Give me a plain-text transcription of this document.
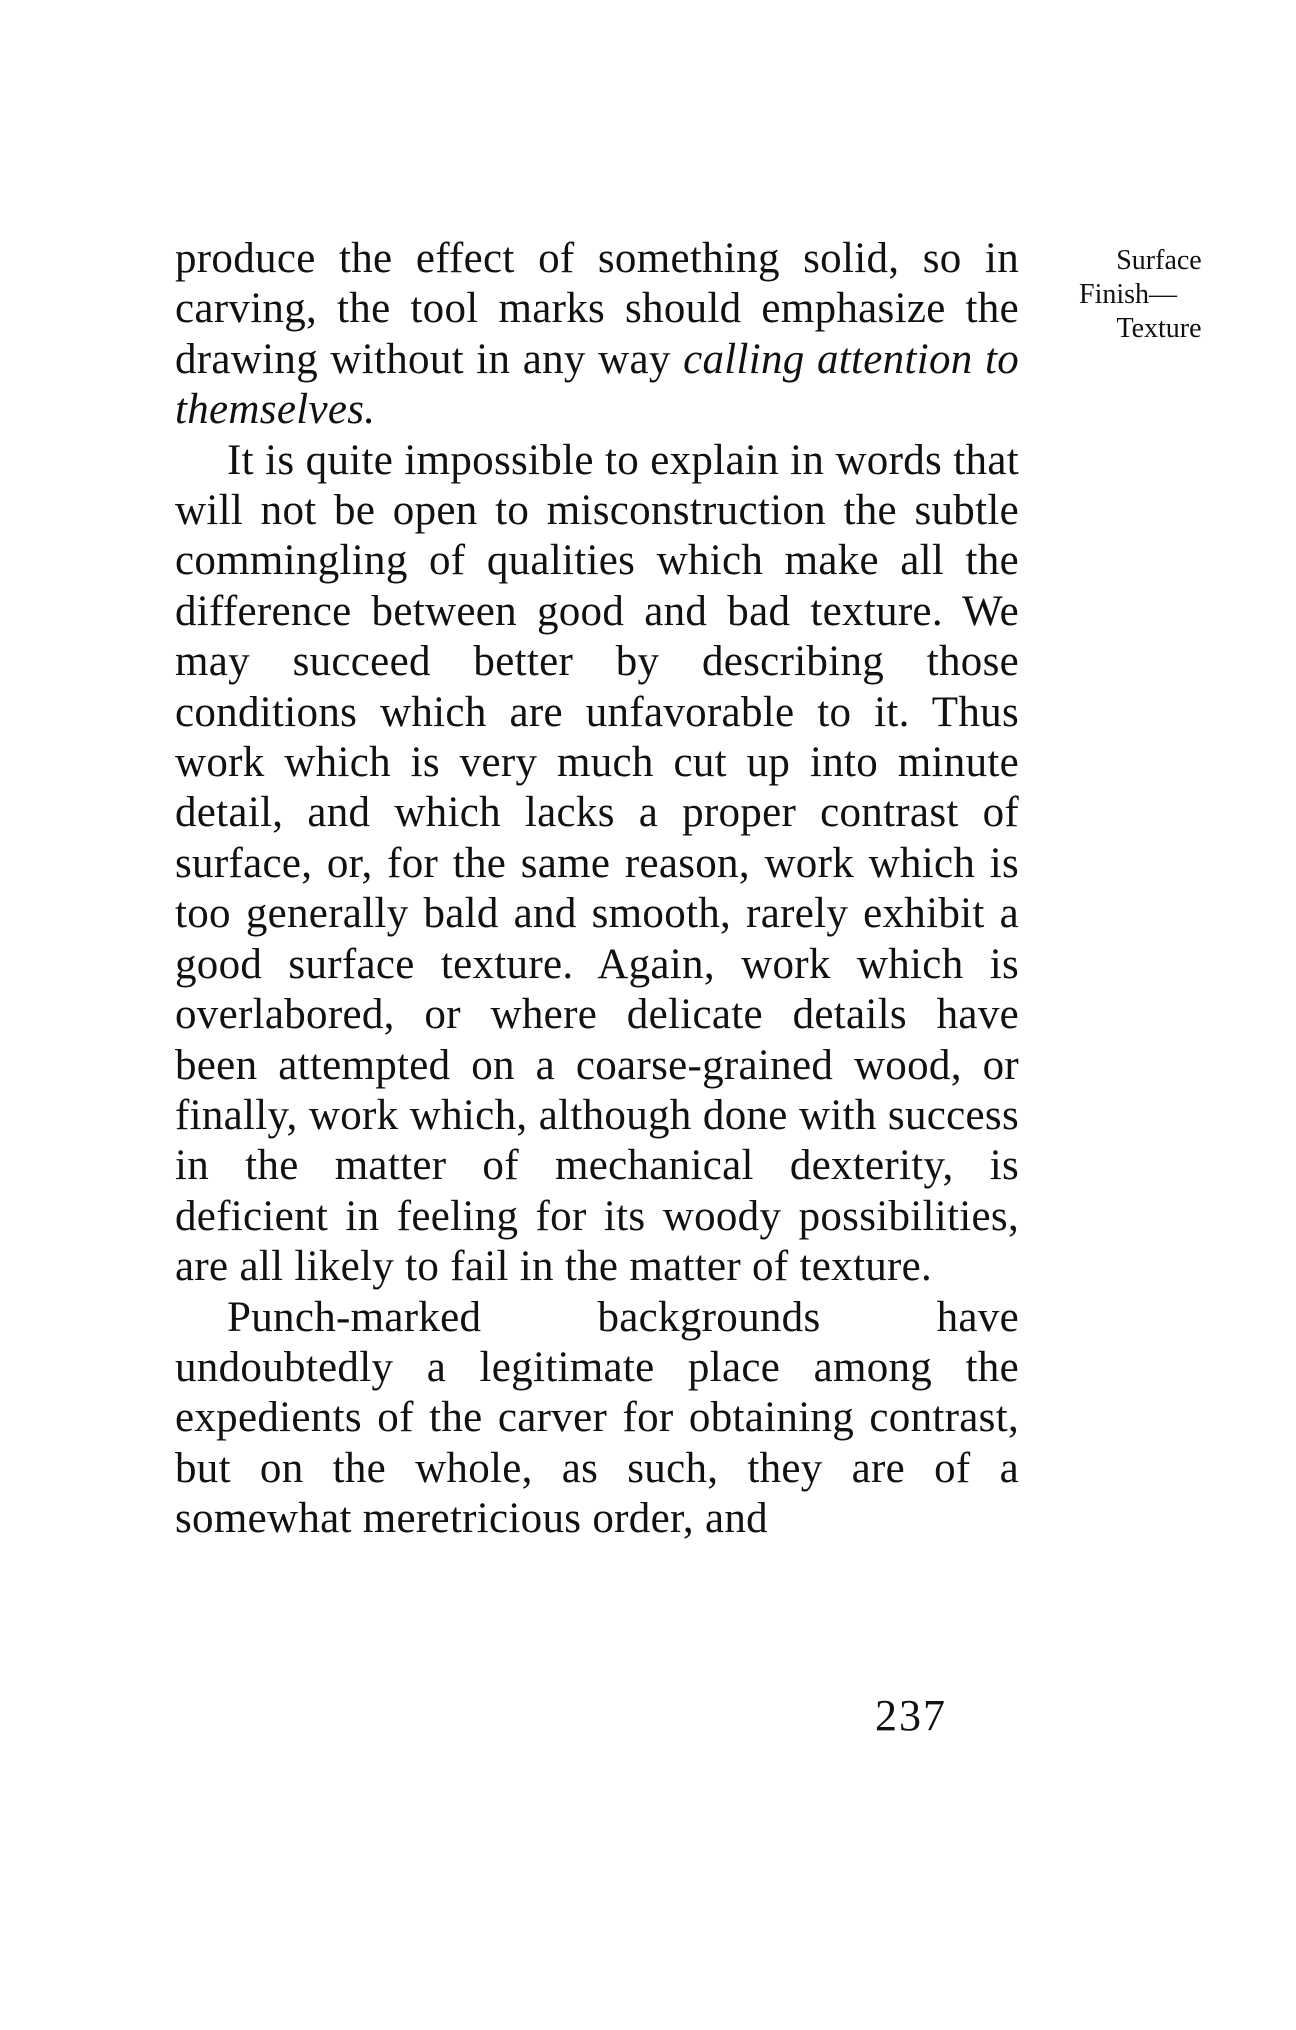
produce the effect of something solid, so in carving, the tool marks should emphasize the drawing without in any way calling attention to themselves.

It is quite impossible to explain in words that will not be open to misconstruction the subtle commingling of qualities which make all the difference between good and bad texture. We may succeed better by describing those conditions which are unfavorable to it. Thus work which is very much cut up into minute detail, and which lacks a proper contrast of surface, or, for the same reason, work which is too generally bald and smooth, rarely exhibit a good surface texture. Again, work which is overlabored, or where delicate details have been attempted on a coarse-grained wood, or finally, work which, although done with success in the matter of mechanical dexterity, is deficient in feeling for its woody possibilities, are all likely to fail in the matter of texture.

Punch-marked backgrounds have undoubtedly a legitimate place among the expedients of the carver for obtaining contrast, but on the whole, as such, they are of a somewhat meretricious order, and

Surface
Finish—
Texture
237
